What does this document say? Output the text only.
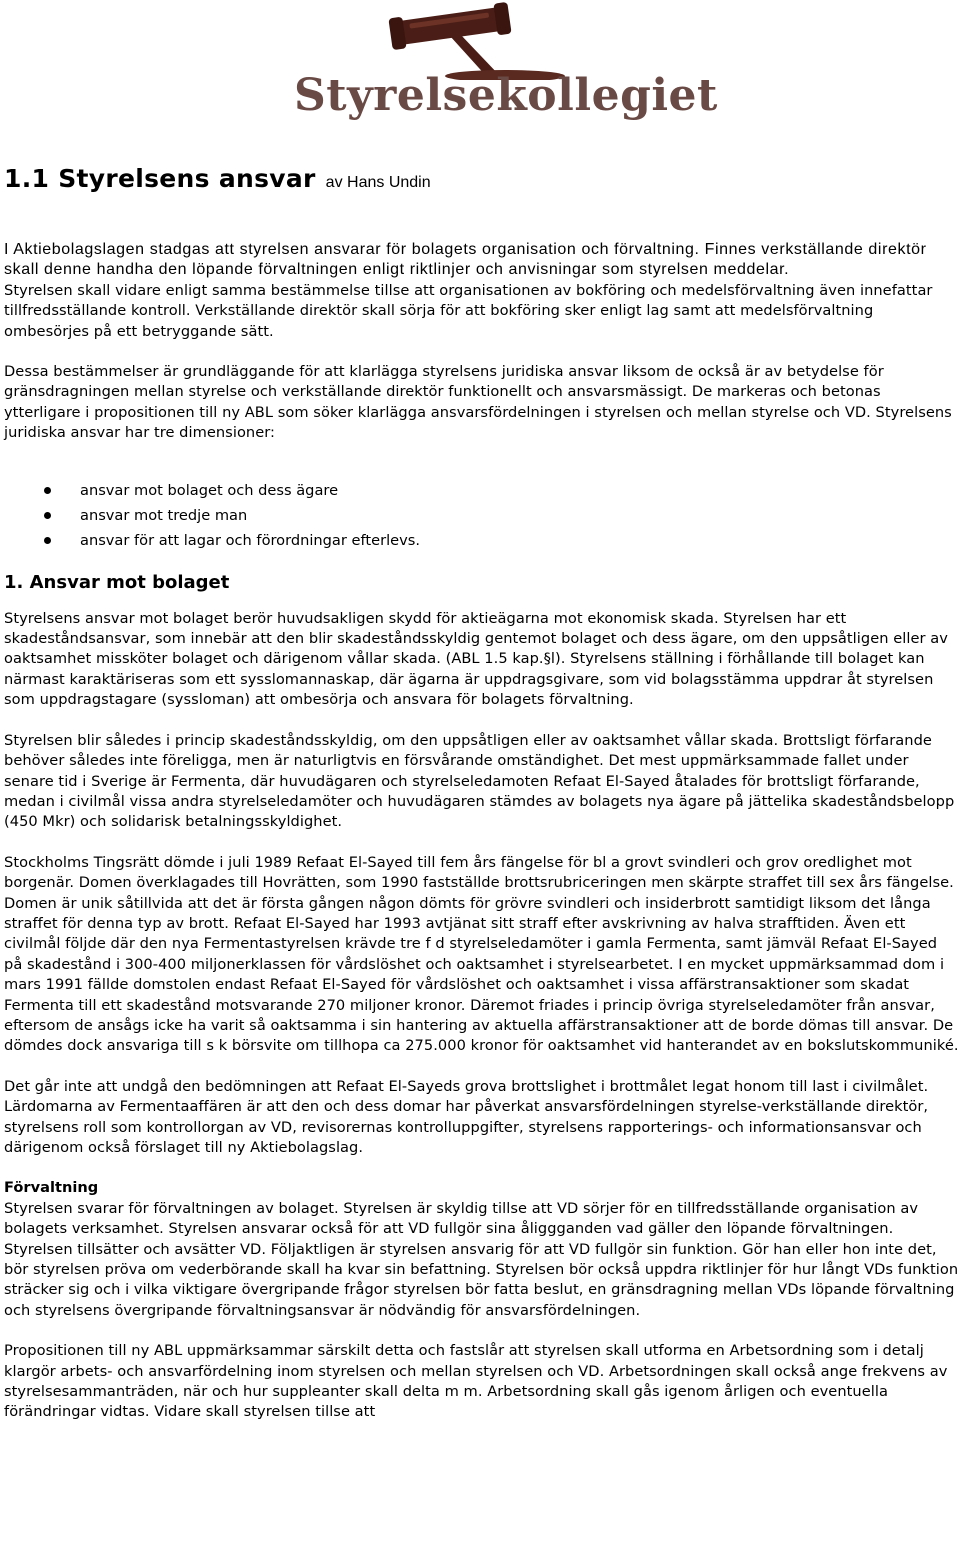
Styrelsekollegiet
1.1 Styrelsens ansvar av Hans Undin

I Aktiebolagslagen stadgas att styrelsen ansvarar för bolagets organisation och förvaltning. Finnes verkställande direktör skall denne handha den löpande förvaltningen enligt riktlinjer och anvisningar som styrelsen meddelar.

Styrelsen skall vidare enligt samma bestämmelse tillse att organisationen av bokföring och medelsförvaltning även innefattar tillfredsställande kontroll. Verkställande direktör skall sörja för att bokföring sker enligt lag samt att medelsförvaltning ombesörjes på ett betryggande sätt.

Dessa bestämmelser är grundläggande för att klarlägga styrelsens juridiska ansvar liksom de också är av betydelse för gränsdragningen mellan styrelse och verkställande direktör funktionellt och ansvarsmässigt. De markeras och betonas ytterligare i propositionen till ny ABL som söker klarlägga ansvarsfördelningen i styrelsen och mellan styrelse och VD. Styrelsens juridiska ansvar har tre dimensioner:

ansvar mot bolaget och dess ägare
ansvar mot tredje man
ansvar för att lagar och förordningar efterlevs.
1. Ansvar mot bolaget

Styrelsens ansvar mot bolaget berör huvudsakligen skydd för aktieägarna mot ekonomisk skada. Styrelsen har ett skadeståndsansvar, som innebär att den blir skadeståndsskyldig gentemot bolaget och dess ägare, om den uppsåtligen eller av oaktsamhet missköter bolaget och därigenom vållar skada. (ABL 1.5 kap.§l). Styrelsens ställning i förhållande till bolaget kan närmast karaktäriseras som ett sysslomannaskap, där ägarna är uppdragsgivare, som vid bolagsstämma uppdrar åt styrelsen som uppdragstagare (syssloman) att ombesörja och ansvara för bolagets förvaltning.

Styrelsen blir således i princip skadeståndsskyldig, om den uppsåtligen eller av oaktsamhet vållar skada. Brottsligt förfarande behöver således inte föreligga, men är naturligtvis en försvårande omständighet. Det mest uppmärksammade fallet under senare tid i Sverige är Fermenta, där huvudägaren och styrelseledamoten Refaat El-Sayed åtalades för brottsligt förfarande, medan i civilmål vissa andra styrelseledamöter och huvudägaren stämdes av bolagets nya ägare på jättelika skadeståndsbelopp (450 Mkr) och solidarisk betalningsskyldighet.

Stockholms Tingsrätt dömde i juli 1989 Refaat El-Sayed till fem års fängelse för bl a grovt svindleri och grov oredlighet mot borgenär. Domen överklagades till Hovrätten, som 1990 fastställde brottsrubriceringen men skärpte straffet till sex års fängelse. Domen är unik såtillvida att det är första gången någon dömts för grövre svindleri och insiderbrott samtidigt liksom det långa straffet för denna typ av brott. Refaat El-Sayed har 1993 avtjänat sitt straff efter avskrivning av halva strafftiden. Även ett civilmål följde där den nya Fermentastyrelsen krävde tre f d styrelseledamöter i gamla Fermenta, samt jämväl Refaat El-Sayed på skadestånd i 300-400 miljonerklassen för vårdslöshet och oaktsamhet i styrelsearbetet. I en mycket uppmärksammad dom i mars 1991 fällde domstolen endast Refaat El-Sayed för vårdslöshet och oaktsamhet i vissa affärstransaktioner som skadat Fermenta till ett skadestånd motsvarande 270 miljoner kronor. Däremot friades i princip övriga styrelseledamöter från ansvar, eftersom de ansågs icke ha varit så oaktsamma i sin hantering av aktuella affärstransaktioner att de borde dömas till ansvar. De dömdes dock ansvariga till s k börsvite om tillhopa ca 275.000 kronor för oaktsamhet vid hanterandet av en bokslutskommuniké.

Det går inte att undgå den bedömningen att Refaat El-Sayeds grova brottslighet i brottmålet legat honom till last i civilmålet. Lärdomarna av Fermentaaffären är att den och dess domar har påverkat ansvarsfördelningen styrelse-verkställande direktör, styrelsens roll som kontrollorgan av VD, revisorernas kontrolluppgifter, styrelsens rapporterings- och informationsansvar och därigenom också förslaget till ny Aktiebolagslag.

Förvaltning

Styrelsen svarar för förvaltningen av bolaget. Styrelsen är skyldig tillse att VD sörjer för en tillfredsställande organisation av bolagets verksamhet. Styrelsen ansvarar också för att VD fullgör sina åliggganden vad gäller den löpande förvaltningen. Styrelsen tillsätter och avsätter VD. Följaktligen är styrelsen ansvarig för att VD fullgör sin funktion. Gör han eller hon inte det, bör styrelsen pröva om vederbörande skall ha kvar sin befattning. Styrelsen bör också uppdra riktlinjer för hur långt VDs funktion sträcker sig och i vilka viktigare övergripande frågor styrelsen bör fatta beslut, en gränsdragning mellan VDs löpande förvaltning och styrelsens övergripande förvaltningsansvar är nödvändig för ansvarsfördelningen.

Propositionen till ny ABL uppmärksammar särskilt detta och fastslår att styrelsen skall utforma en Arbetsordning som i detalj klargör arbets- och ansvarfördelning inom styrelsen och mellan styrelsen och VD. Arbetsordningen skall också ange frekvens av styrelsesammanträden, när och hur suppleanter skall delta m m. Arbetsordning skall gås igenom årligen och eventuella förändringar vidtas. Vidare skall styrelsen tillse att
